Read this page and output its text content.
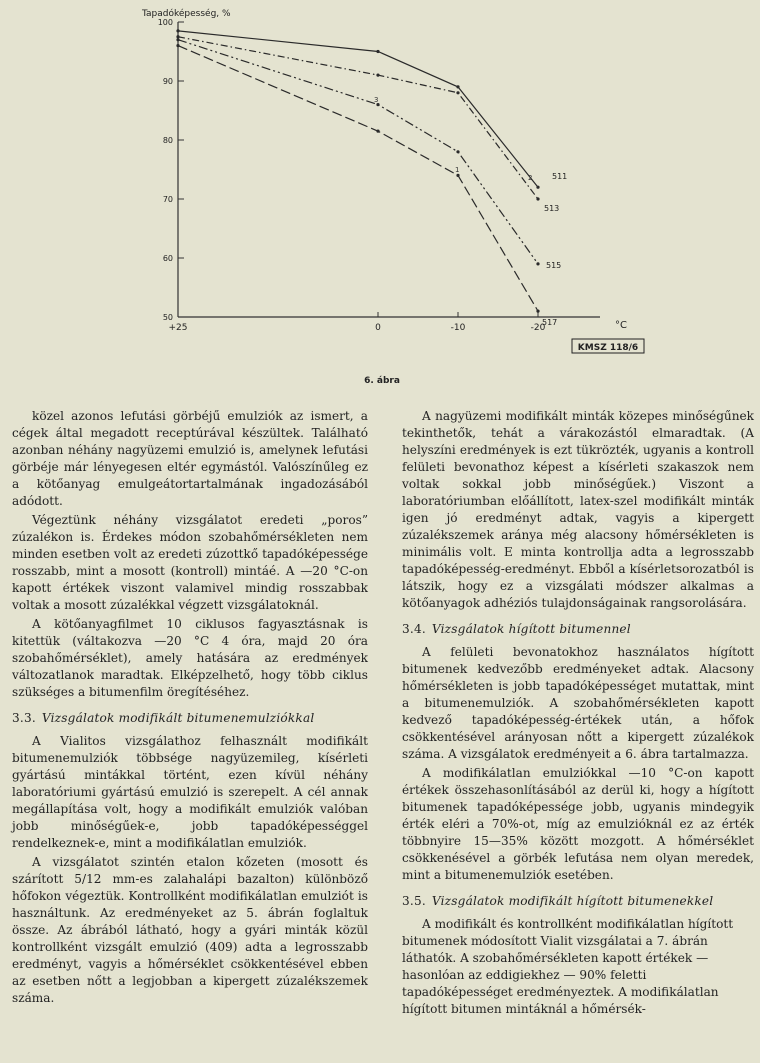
Tapadóképesség, %
100
90
80
70
60
50
+25	0	-10	-20	°C
511
513
515
517
1
2
3
KMSZ 118/6
6. ábra

közel azonos lefutási görbéjű emulziók az ismert, a cégek által megadott receptúrával készültek. Található azonban néhány nagyüzemi emulzió is, amelynek lefutási görbéje már lényegesen eltér egymástól. Valószínűleg ez a kötőanyag emulgeátortartalmának ingadozásából adódott.

Végeztünk néhány vizsgálatot eredeti „poros” zúzalékon is. Érdekes módon szobahőmérsékleten nem minden esetben volt az eredeti zúzottkő tapadóképessége rosszabb, mint a mosott (kontroll) mintáé. A —20 °C-on kapott értékek viszont valamivel mindig rosszabbak voltak a mosott zúzalékkal végzett vizsgálatoknál.

A kötőanyagfilmet 10 ciklusos fagyasztásnak is kitettük (váltakozva —20 °C 4 óra, majd 20 óra szobahőmérséklet), amely hatására az eredmények változatlanok maradtak. Elképzelhető, hogy több ciklus szükséges a bitumenfilm öregítéséhez.

3.3. Vizsgálatok modifikált bitumenemulziókkal

A Vialitos vizsgálathoz felhasznált modifikált bitumenemulziók többsége nagyüzemileg, kísérleti gyártású mintákkal történt, ezen kívül néhány laboratóriumi gyártású emulzió is szerepelt. A cél annak megállapítása volt, hogy a modifikált emulziók valóban jobb minőségűek-e, jobb tapadóképességgel rendelkeznek-e, mint a modifikálatlan emulziók.

A vizsgálatot szintén etalon kőzeten (mosott és szárított 5/12 mm-es zalahalápi bazalton) különböző hőfokon végeztük. Kontrollként modifikálatlan emulziót is használtunk. Az eredményeket az 5. ábrán foglaltuk össze. Az ábrából látható, hogy a gyári minták közül kontrollként vizsgált emulzió (409) adta a legrosszabb eredményt, vagyis a hőmérséklet csökkentésével ebben az esetben nőtt a legjobban a kipergett zúzalékszemek száma.

A nagyüzemi modifikált minták közepes minőségűnek tekinthetők, tehát a várakozástól elmaradtak. (A helyszíni eredmények is ezt tükrözték, ugyanis a kontroll felületi bevonathoz képest a kísérleti szakaszok nem voltak sokkal jobb minőségűek.) Viszont a laboratóriumban előállított, latex-szel modifikált minták igen jó eredményt adtak, vagyis a kipergett zúzalékszemek aránya még alacsony hőmérsékleten is minimális volt. E minta kontrollja adta a legrosszabb tapadóképesség-eredményt. Ebből a kísérletsorozatból is látszik, hogy ez a vizsgálati módszer alkalmas a kötőanyagok adhéziós tulajdonságainak rangsorolására.

3.4. Vizsgálatok hígított bitumennel

A felületi bevonatokhoz használatos hígított bitumenek kedvezőbb eredményeket adtak. Alacsony hőmérsékleten is jobb tapadóképességet mutattak, mint a bitumenemulziók. A szobahőmérsékleten kapott kedvező tapadóképesség-értékek után, a hőfok csökkentésével arányosan nőtt a kipergett zúzalékok száma. A vizsgálatok eredményeit a 6. ábra tartalmazza.

A modifikálatlan emulziókkal —10 °C-on kapott értékek összehasonlításából az derül ki, hogy a hígított bitumenek tapadóképessége jobb, ugyanis mindegyik érték eléri a 70%-ot, míg az emulzióknál ez az érték többnyire 15—35% között mozgott. A hőmérséklet csökkenésével a görbék lefutása nem olyan meredek, mint a bitumenemulziók esetében.

3.5. Vizsgálatok modifikált hígított bitumenekkel

A modifikált és kontrollként modifikálatlan hígított bitumenek módosított Vialit vizsgálatai a 7. ábrán láthatók. A szobahőmérsékleten kapott értékek — hasonlóan az eddigiekhez — 90% feletti tapadóképességet eredményeztek. A modifikálatlan hígított bitumen mintáknál a hőmérsék-
